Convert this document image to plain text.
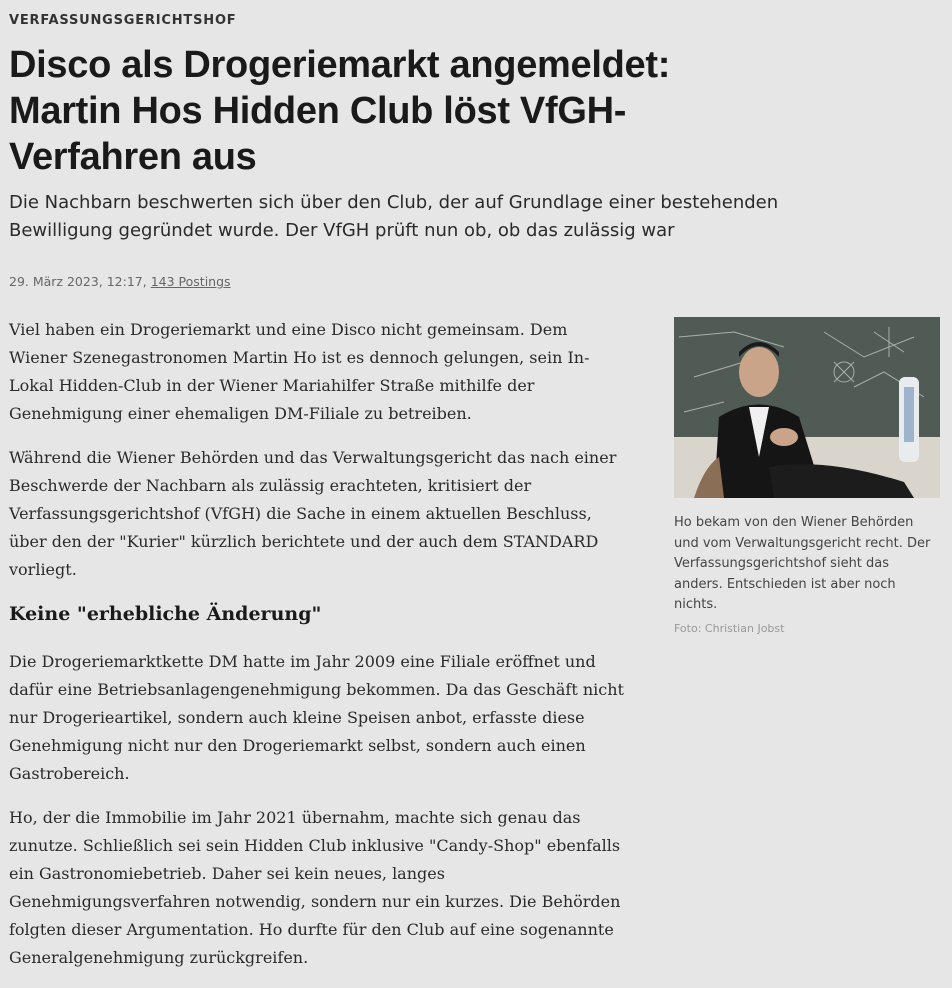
VERFASSUNGSGERICHTSHOF
Disco als Drogeriemarkt angemeldet: Martin Hos Hidden Club löst VfGH-Verfahren aus

Die Nachbarn beschwerten sich über den Club, der auf Grundlage einer bestehenden Bewilligung gegründet wurde. Der VfGH prüft nun ob, ob das zulässig war

29. März 2023, 12:17, 143 Postings

Viel haben ein Drogeriemarkt und eine Disco nicht gemeinsam. Dem Wiener Szenegastronomen Martin Ho ist es dennoch gelungen, sein In-Lokal Hidden-Club in der Wiener Mariahilfer Straße mithilfe der Genehmigung einer ehemaligen DM-Filiale zu betreiben.

Während die Wiener Behörden und das Verwaltungsgericht das nach einer Beschwerde der Nachbarn als zulässig erachteten, kritisiert der Verfassungsgerichtshof (VfGH) die Sache in einem aktuellen Beschluss, über den der "Kurier" kürzlich berichtete und der auch dem STANDARD vorliegt.

Keine "erhebliche Änderung"

Die Drogeriemarktkette DM hatte im Jahr 2009 eine Filiale eröffnet und dafür eine Betriebsanlagengenehmigung bekommen. Da das Geschäft nicht nur Drogerieartikel, sondern auch kleine Speisen anbot, erfasste diese Genehmigung nicht nur den Drogeriemarkt selbst, sondern auch einen Gastrobereich.

Ho, der die Immobilie im Jahr 2021 übernahm, machte sich genau das zunutze. Schließlich sei sein Hidden Club inklusive "Candy-Shop" ebenfalls ein Gastronomiebetrieb. Daher sei kein neues, langes Genehmigungsverfahren notwendig, sondern nur ein kurzes. Die Behörden folgten dieser Argumentation. Ho durfte für den Club auf eine sogenannte Generalgenehmigung zurückgreifen.

Ho bekam von den Wiener Behörden und vom Verwaltungsgericht recht. Der Verfassungsgerichtshof sieht das anders. Entschieden ist aber noch nichts.

Foto: Christian Jobst
